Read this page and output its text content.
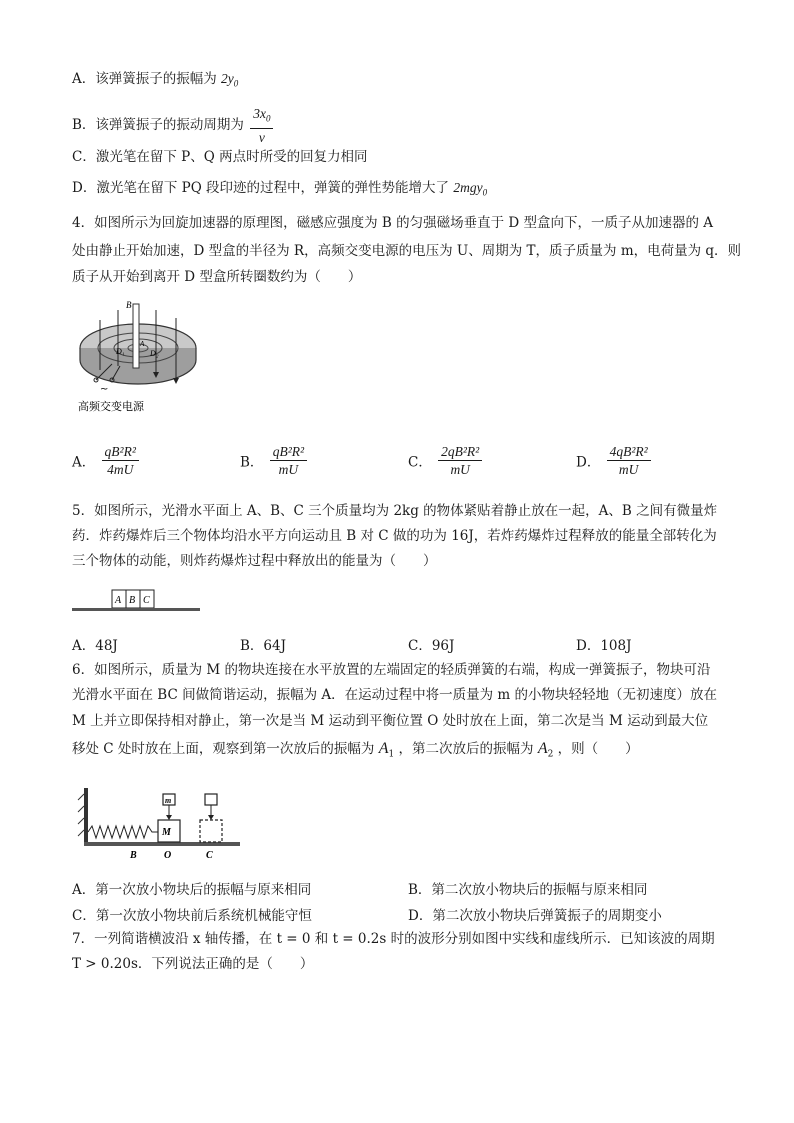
A．该弹簧振子的振幅为 $2y_0$
B．该弹簧振子的振动周期为 $\frac{3x_0}{v}$
C．激光笔在留下 P、Q 两点时所受的回复力相同
D．激光笔在留下 PQ 段印迹的过程中，弹簧的弹性势能增大了 2mgy$_0$
4．如图所示为回旋加速器的原理图，磁感应强度为 B 的匀强磁场垂直于 D 型盒向下，一质子从加速器的 A
处由静止开始加速，D 型盒的半径为 R，高频交变电源的电压为 U、周期为 T，质子质量为 m，电荷量为 q．则
质子从开始到离开 D 型盒所转圈数约为（　　）
B
D₁	D₂
A
~
高频交变电源
A． $\frac{\text{qB²R²}}{4mU}$	B． $\frac{\text{qB²R²}}{mU}$	C． $\frac{\text{2qB²R²}}{mU}$	D． $\frac{\text{4qB²R²}}{mU}$
5．如图所示，光滑水平面上 A、B、C 三个质量均为 2kg 的物体紧贴着静止放在一起，A、B 之间有微量炸
药．炸药爆炸后三个物体均沿水平方向运动且 B 对 C 做的功为 16J，若炸药爆炸过程释放的能量全部转化为
三个物体的动能，则炸药爆炸过程中释放出的能量为（　　）
A B C
A．48J	B．64J	C．96J	D．108J
6．如图所示，质量为 M 的物块连接在水平放置的左端固定的轻质弹簧的右端，构成一弹簧振子，物块可沿
光滑水平面在 BC 间做简谐运动，振幅为 A．在运动过程中将一质量为 m 的小物块轻轻地（无初速度）放在
M 上并立即保持相对静止，第一次是当 M 运动到平衡位置 O 处时放在上面，第二次是当 M 运动到最大位
移处 C 处时放在上面，观察到第一次放后的振幅为 $A_1$ ，第二次放后的振幅为 $A_2$ ，则（　　）
M
m
B	O	C
A．第一次放小物块后的振幅与原来相同	B．第二次放小物块后的振幅与原来相同
C．第一次放小物块前后系统机械能守恒	D．第二次放小物块后弹簧振子的周期变小
7．一列简谐横波沿 x 轴传播，在 t = 0 和 t = 0.2s 时的波形分别如图中实线和虚线所示．已知该波的周期
T > 0.20s．下列说法正确的是（　　）
